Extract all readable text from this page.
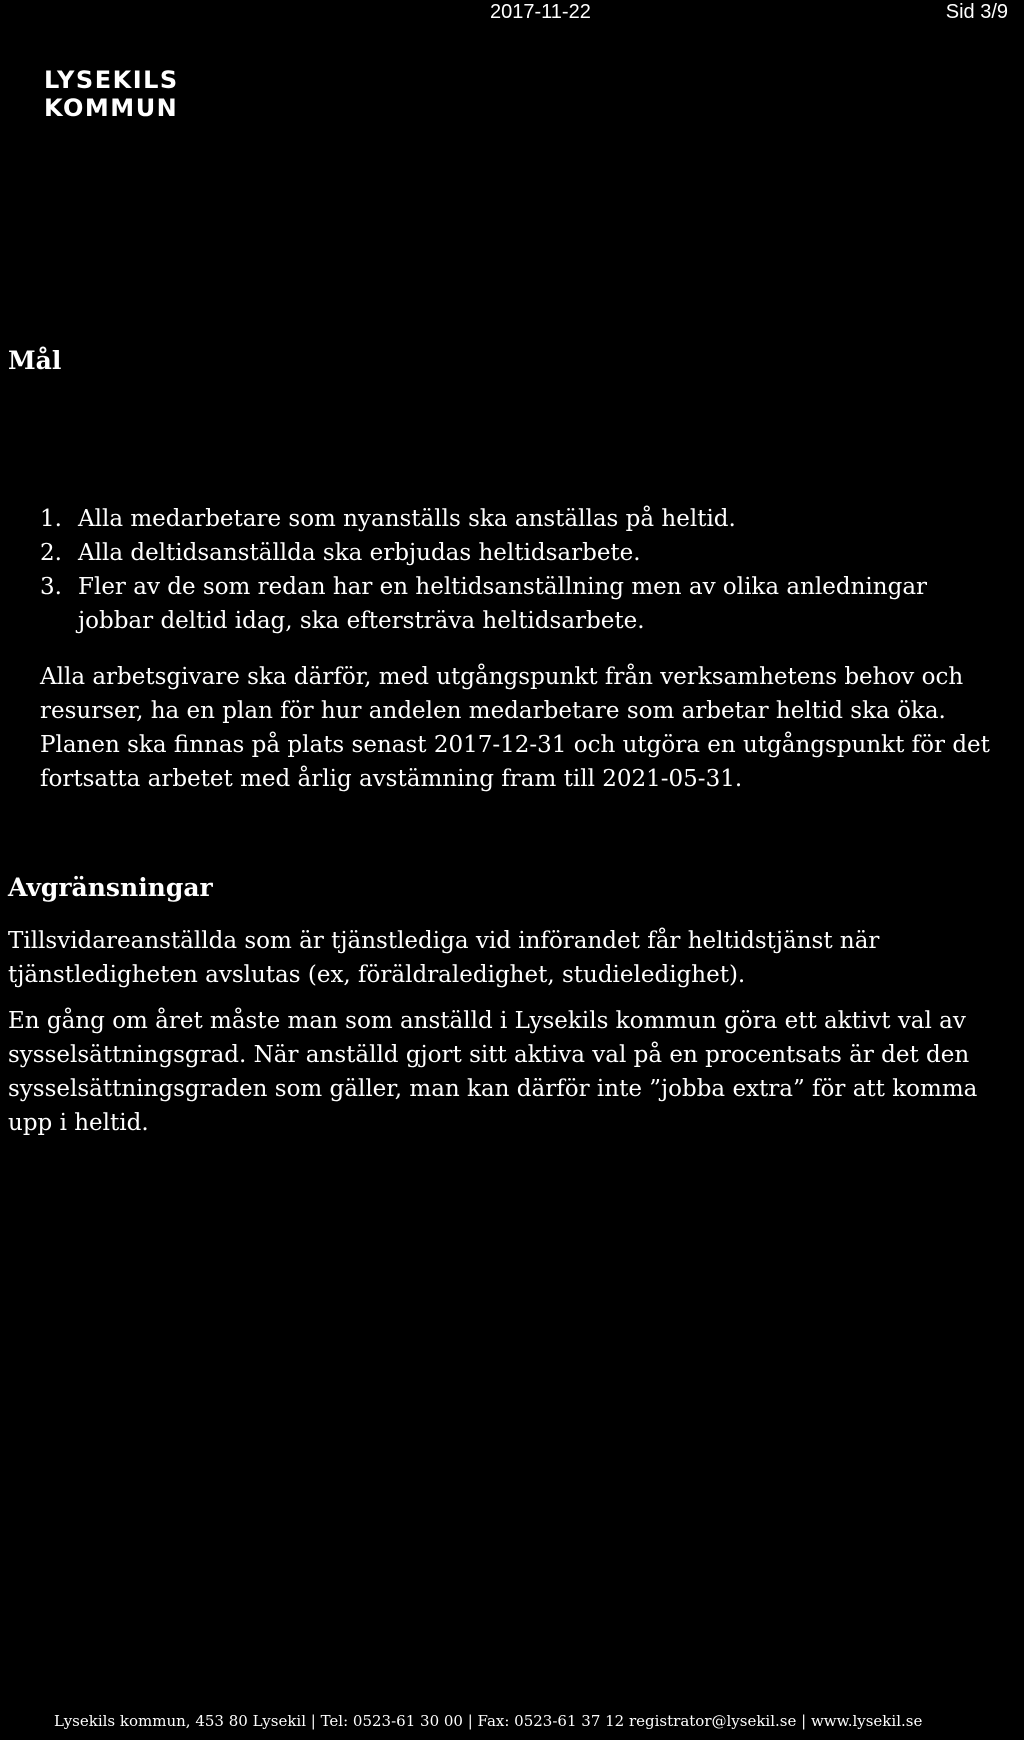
2017-11-22	Sid 3/9
LYSEKILS
KOMMUN
Mål
1. Alla medarbetare som nyanställs ska anställas på heltid.
2. Alla deltidsanställda ska erbjudas heltidsarbete.
3. Fler av de som redan har en heltidsanställning men av olika anledningar jobbar deltid idag, ska eftersträva heltidsarbete.

Alla arbetsgivare ska därför, med utgångspunkt från verksamhetens behov och resurser, ha en plan för hur andelen medarbetare som arbetar heltid ska öka. Planen ska finnas på plats senast 2017-12-31 och utgöra en utgångspunkt för det fortsatta arbetet med årlig avstämning fram till 2021-05-31.

Avgränsningar

Tillsvidareanställda som är tjänstlediga vid införandet får heltidstjänst när tjänstledigheten avslutas (ex, föräldraledighet, studieledighet).

En gång om året måste man som anställd i Lysekils kommun göra ett aktivt val av sysselsättningsgrad. När anställd gjort sitt aktiva val på en procentsats är det den sysselsättningsgraden som gäller, man kan därför inte ”jobba extra” för att komma upp i heltid.

Lysekils kommun, 453 80 Lysekil | Tel: 0523-61 30 00 | Fax: 0523-61 37 12 registrator@lysekil.se | www.lysekil.se
